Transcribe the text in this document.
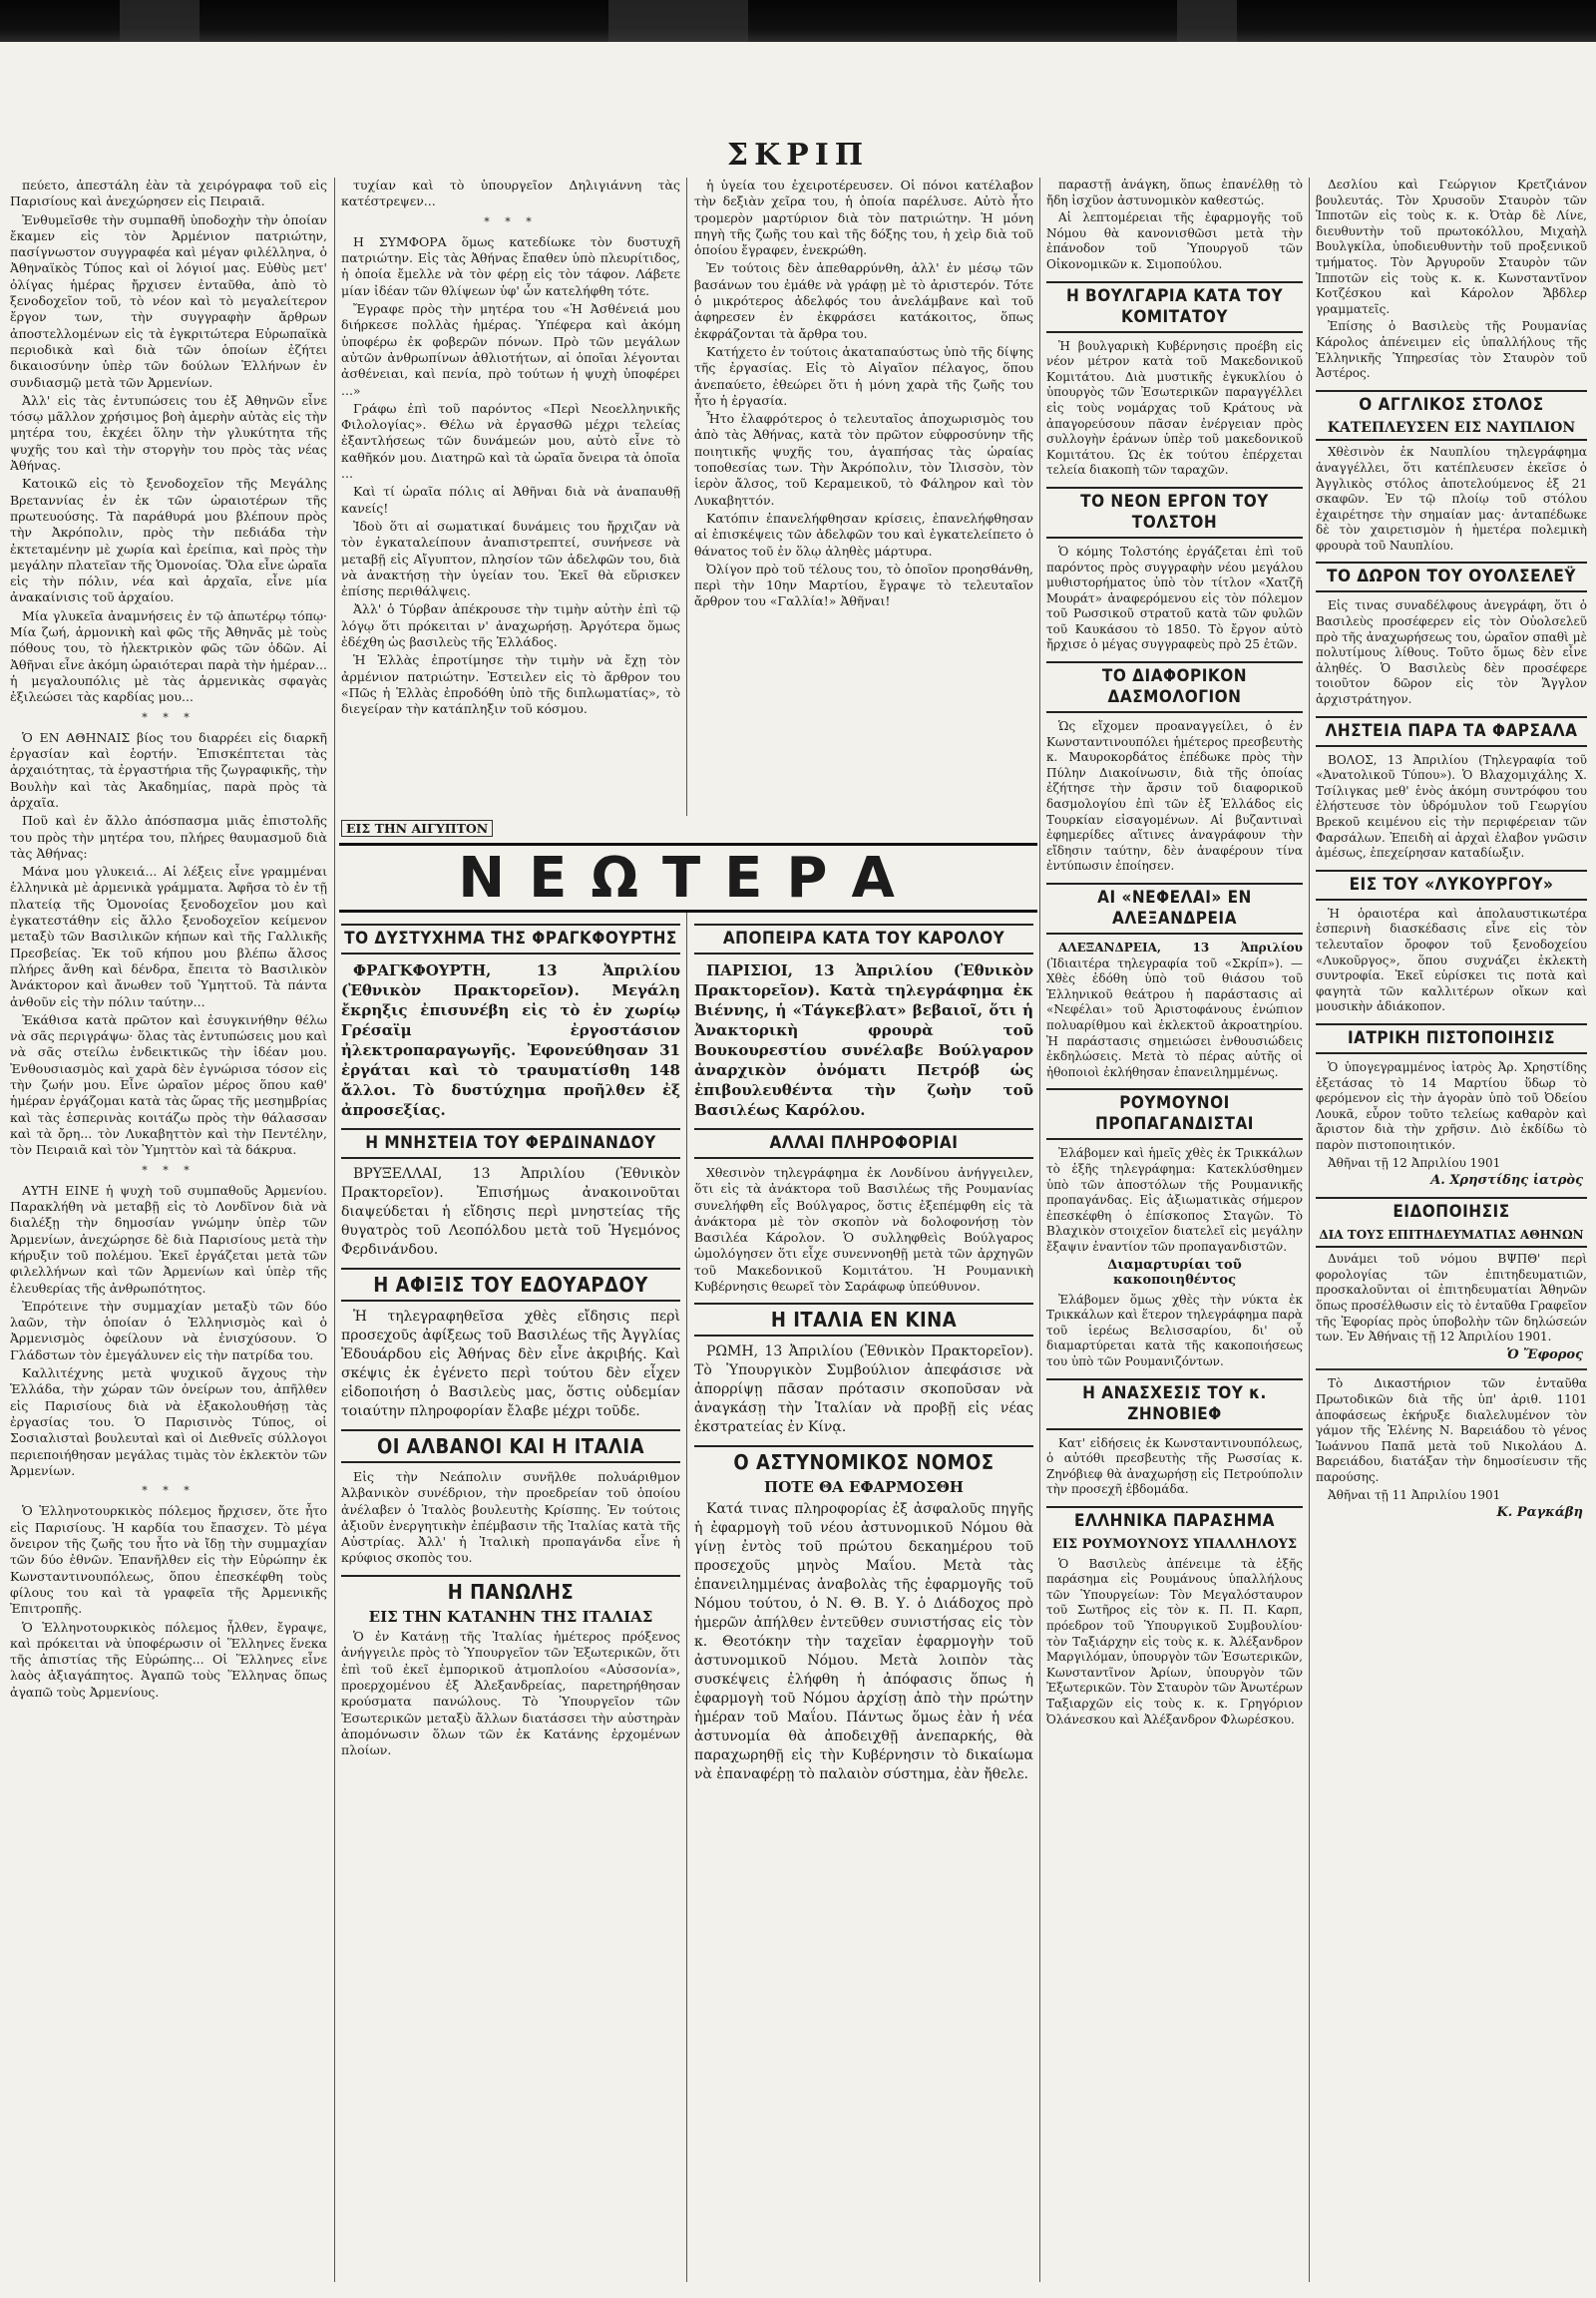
ΣΚΡΙΠ

πεύετο, ἀπεστάλη ἐὰν τὰ χειρόγραφα τοῦ εἰς Παρισίους καὶ ἀνεχώρησεν εἰς Πειραιᾶ.

Ἐνθυμεῖσθε τὴν συμπαθῆ ὑποδοχὴν τὴν ὁποίαν ἔκαμεν εἰς τὸν Ἀρμένιον πατριώτην, πασίγνωστον συγγραφέα καὶ μέγαν φιλέλληνα, ὁ Ἀθηναϊκὸς Τύπος καὶ οἱ λόγιοί μας. Εὐθὺς μετ' ὀλίγας ἡμέρας ἤρχισεν ἐνταῦθα, ἀπὸ τὸ ξενοδοχεῖον τοῦ, τὸ νέον καὶ τὸ μεγαλείτερον ἔργον των, τὴν συγγραφὴν ἄρθρων ἀποστελλομένων εἰς τὰ ἐγκριτώτερα Εὐρωπαϊκὰ περιοδικὰ καὶ διὰ τῶν ὁποίων ἐζήτει δικαιοσύνην ὑπὲρ τῶν δούλων Ἑλλήνων ἐν συνδιασμῷ μετὰ τῶν Ἀρμενίων.

Ἀλλ' εἰς τὰς ἐντυπώσεις του ἐξ Ἀθηνῶν εἶνε τόσῳ μᾶλλον χρήσιμος βοὴ ἀμερὴν αὐτὰς εἰς τὴν μητέρα του, ἐκχέει ὅλην τὴν γλυκύτητα τῆς ψυχῆς του καὶ τὴν στοργὴν του πρὸς τὰς νέας Ἀθήνας.

Κατοικῶ εἰς τὸ ξενοδοχεῖον τῆς Μεγάλης Βρεταννίας ἐν ἐκ τῶν ὡραιοτέρων τῆς πρωτευούσης. Τὰ παράθυρά μου βλέπουν πρὸς τὴν Ἀκρόπολιν, πρὸς τὴν πεδιάδα τὴν ἐκτεταμένην μὲ χωρία καὶ ἐρείπια, καὶ πρὸς τὴν μεγάλην πλατεῖαν τῆς Ὁμονοίας. Ὅλα εἶνε ὡραῖα εἰς τὴν πόλιν, νέα καὶ ἀρχαῖα, εἶνε μία ἀνακαίνισις τοῦ ἀρχαίου.

Μία γλυκεῖα ἀναμνήσεις ἐν τῷ ἀπωτέρῳ τόπῳ· Μία ζωή, ἀρμονικὴ καὶ φῶς τῆς Ἀθηνᾶς μὲ τοὺς πόθους του, τὸ ἡλεκτρικὸν φῶς τῶν ὁδῶν. Αἱ Ἀθῆναι εἶνε ἀκόμη ὡραιότεραι παρὰ τὴν ἡμέραν... ἡ μεγαλουπόλις μὲ τὰς ἀρμενικὰς σφαγὰς ἐξιλεώσει τὰς καρδίας μου...

* * *

Ὁ ΕΝ ΑΘΗΝΑΙΣ βίος του διαρρέει εἰς διαρκῆ ἐργασίαν καὶ ἑορτήν. Ἐπισκέπτεται τὰς ἀρχαιότητας, τὰ ἐργαστήρια τῆς ζωγραφικῆς, τὴν Βουλὴν καὶ τὰς Ἀκαδημίας, παρὰ πρὸς τὰ ἀρχαῖα.

Ποῦ καὶ ἐν ἄλλο ἀπόσπασμα μιᾶς ἐπιστολῆς του πρὸς τὴν μητέρα του, πλήρες θαυμασμοῦ διὰ τὰς Ἀθήνας:

Μάνα μου γλυκειά... Αἱ λέξεις εἶνε γραμμέναι ἑλληνικὰ μὲ ἀρμενικὰ γράμματα. Ἀφῆσα τὸ ἐν τῇ πλατείᾳ τῆς Ὁμονοίας ξενοδοχεῖον μου καὶ ἐγκατεστάθην εἰς ἄλλο ξενοδοχεῖον κείμενον μεταξὺ τῶν Βασιλικῶν κήπων καὶ τῆς Γαλλικῆς Πρεσβείας. Ἐκ τοῦ κήπου μου βλέπω ἄλσος πλήρες ἄνθη καὶ δένδρα, ἔπειτα τὸ Βασιλικὸν Ἀνάκτορον καὶ ἄνωθεν τοῦ Ὑμηττοῦ. Τὰ πάντα ἀνθοῦν εἰς τὴν πόλιν ταύτην...

Ἐκάθισα κατὰ πρῶτον καὶ ἐσυγκινήθην θέλω νὰ σᾶς περιγράψω· ὅλας τὰς ἐντυπώσεις μου καὶ νὰ σᾶς στείλω ἐνδεικτικῶς τὴν ἰδέαν μου. Ἐνθουσιασμὸς καὶ χαρὰ δὲν ἐγνώρισα τόσον εἰς τὴν ζωήν μου. Εἶνε ὡραῖον μέρος ὅπου καθ' ἡμέραν ἐργάζομαι κατὰ τὰς ὥρας τῆς μεσημβρίας καὶ τὰς ἑσπερινὰς κοιτάζω πρὸς τὴν θάλασσαν καὶ τὰ ὄρη... τὸν Λυκαβηττὸν καὶ τὴν Πεντέλην, τὸν Πειραιᾶ καὶ τὸν Ὑμηττὸν καὶ τὰ δάκρυα.

* * *

ΑΥΤΗ ΕΙΝΕ ἡ ψυχὴ τοῦ συμπαθοῦς Ἀρμενίου. Παρακλήθη νὰ μεταβῇ εἰς τὸ Λονδῖνον διὰ νὰ διαλέξῃ τὴν δημοσίαν γνώμην ὑπὲρ τῶν Ἀρμενίων, ἀνεχώρησε δὲ διὰ Παρισίους μετὰ τὴν κήρυξιν τοῦ πολέμου. Ἐκεῖ ἐργάζεται μετὰ τῶν φιλελλήνων καὶ τῶν Ἀρμενίων καὶ ὑπὲρ τῆς ἐλευθερίας τῆς ἀνθρωπότητος.

Ἐπρότεινε τὴν συμμαχίαν μεταξὺ τῶν δύο λαῶν, τὴν ὁποίαν ὁ Ἑλληνισμὸς καὶ ὁ Ἀρμενισμὸς ὀφείλουν νὰ ἐνισχύσουν. Ὁ Γλάδστων τὸν ἐμεγάλυνεν εἰς τὴν πατρίδα του.

Καλλιτέχνης μετὰ ψυχικοῦ ἄγχους τὴν Ἑλλάδα, τὴν χώραν τῶν ὀνείρων του, ἀπῆλθεν εἰς Παρισίους διὰ νὰ ἐξακολουθήσῃ τὰς ἐργασίας του. Ὁ Παρισινὸς Τύπος, οἱ Σοσιαλισταὶ βουλευταὶ καὶ οἱ Διεθνεῖς σύλλογοι περιεποιήθησαν μεγάλας τιμὰς τὸν ἐκλεκτὸν τῶν Ἀρμενίων.

* * *

Ὁ Ἑλληνοτουρκικὸς πόλεμος ἤρχισεν, ὅτε ἦτο εἰς Παρισίους. Ἡ καρδία του ἔπασχεν. Τὸ μέγα ὄνειρον τῆς ζωῆς του ἦτο νὰ ἴδῃ τὴν συμμαχίαν τῶν δύο ἐθνῶν. Ἐπανῆλθεν εἰς τὴν Εὐρώπην ἐκ Κωνσταντινουπόλεως, ὅπου ἐπεσκέφθη τοὺς φίλους του καὶ τὰ γραφεῖα τῆς Ἀρμενικῆς Ἐπιτροπῆς.

Ὁ Ἑλληνοτουρκικὸς πόλεμος ἦλθεν, ἔγραψε, καὶ πρόκειται νὰ ὑποφέρωσιν οἱ Ἕλληνες ἕνεκα τῆς ἀπιστίας τῆς Εὐρώπης... Οἱ Ἕλληνες εἶνε λαὸς ἀξιαγάπητος. Ἀγαπῶ τοὺς Ἕλληνας ὅπως ἀγαπῶ τοὺς Ἀρμενίους.

τυχίαν καὶ τὸ ὑπουργεῖον Δηλιγιάννη τὰς κατέστρεψεν...

* * *

Η ΣΥΜΦΟΡΑ ὅμως κατεδίωκε τὸν δυστυχῆ πατριώτην. Εἰς τὰς Ἀθήνας ἔπαθεν ὑπὸ πλευρίτιδος, ἡ ὁποία ἔμελλε νὰ τὸν φέρῃ εἰς τὸν τάφον. Λάβετε μίαν ἰδέαν τῶν θλίψεων ὑφ' ὧν κατελήφθη τότε.

Ἔγραφε πρὸς τὴν μητέρα του «Ἡ Ἀσθένειά μου διήρκεσε πολλὰς ἡμέρας. Ὑπέφερα καὶ ἀκόμη ὑποφέρω ἐκ φοβερῶν πόνων. Πρὸ τῶν μεγάλων αὐτῶν ἀνθρωπίνων ἀθλιοτήτων, αἱ ὁποῖαι λέγονται ἀσθένειαι, καὶ πενία, πρὸ τούτων ἡ ψυχὴ ὑποφέρει ...»

Γράφω ἐπὶ τοῦ παρόντος «Περὶ Νεοελληνικῆς Φιλολογίας». Θέλω νὰ ἐργασθῶ μέχρι τελείας ἐξαντλήσεως τῶν δυνάμεών μου, αὐτὸ εἶνε τὸ καθῆκόν μου. Διατηρῶ καὶ τὰ ὠραῖα ὄνειρα τὰ ὁποῖα ...

Καὶ τί ὡραῖα πόλις αἱ Ἀθῆναι διὰ νὰ ἀναπαυθῇ κανείς!

Ἰδοὺ ὅτι αἱ σωματικαί δυνάμεις του ἤρχιζαν νὰ τὸν ἐγκαταλείπουν ἀναπιστρεπτεί, συνήνεσε νὰ μεταβῇ εἰς Αἴγυπτον, πλησίον τῶν ἀδελφῶν του, διὰ νὰ ἀνακτήσῃ τὴν ὑγείαν του. Ἐκεῖ θὰ εὕρισκεν ἐπίσης περιθάλψεις.

Ἀλλ' ὁ Τύρβαν ἀπέκρουσε τὴν τιμὴν αὐτὴν ἐπὶ τῷ λόγῳ ὅτι πρόκειται ν' ἀναχωρήσῃ. Ἀργότερα ὅμως ἐδέχθη ὡς βασιλεὺς τῆς Ἑλλάδος.

Ἡ Ἑλλὰς ἐπροτίμησε τὴν τιμὴν νὰ ἔχῃ τὸν ἀρμένιον πατριώτην. Ἐστειλεν εἰς τὸ ἄρθρον του «Πῶς ἡ Ἑλλὰς ἐπροδόθη ὑπὸ τῆς διπλωματίας», τὸ διεγείραν τὴν κατάπληξιν τοῦ κόσμου.

ΕΙΣ ΤΗΝ ΑΙΓΥΠΤΟΝ

ἡ ὑγεία του ἐχειροτέρευσεν. Οἱ πόνοι κατέλαβον τὴν δεξιὰν χεῖρα του, ἡ ὁποία παρέλυσε. Αὐτὸ ἦτο τρομερὸν μαρτύριον διὰ τὸν πατριώτην. Ἡ μόνη πηγὴ τῆς ζωῆς του καὶ τῆς δόξης του, ἡ χεὶρ διὰ τοῦ ὁποίου ἔγραφεν, ἐνεκρώθη.

Ἐν τούτοις δὲν ἀπεθαρρύνθη, ἀλλ' ἐν μέσῳ τῶν βασάνων του ἐμάθε νὰ γράφῃ μὲ τὸ ἀριστερόν. Τότε ὁ μικρότερος ἀδελφός του ἀνελάμβανε καὶ τοῦ ἀφηρεσεν ἐν ἐκφράσει κατάκοιτος, ὅπως ἐκφράζονται τὰ ἄρθρα του.

Κατήχετο ἐν τούτοις ἀκαταπαύστως ὑπὸ τῆς δίψης τῆς ἐργασίας. Εἰς τὸ Αἰγαῖον πέλαγος, ὅπου ἀνεπαύετο, ἐθεώρει ὅτι ἡ μόνη χαρὰ τῆς ζωῆς του ἦτο ἡ ἐργασία.

Ἦτο ἐλαφρότερος ὁ τελευταῖος ἀποχωρισμὸς του ἀπὸ τὰς Ἀθήνας, κατὰ τὸν πρῶτον εὐφροσύνην τῆς ποιητικῆς ψυχῆς του, ἀγαπήσας τὰς ὡραίας τοποθεσίας των. Τὴν Ἀκρόπολιν, τὸν Ἰλισσὸν, τὸν ἱερὸν ἄλσος, τοῦ Κεραμεικοῦ, τὸ Φάληρον καὶ τὸν Λυκαβηττόν.

Κατόπιν ἐπανελήφθησαν κρίσεις, ἐπανελήφθησαν αἱ ἐπισκέψεις τῶν ἀδελφῶν του καὶ ἐγκατελείπετο ὁ θάνατος τοῦ ἐν ὅλῳ ἀληθὲς μάρτυρα.

Ὀλίγον πρὸ τοῦ τέλους του, τὸ ὁποῖον προησθάνθη, περὶ τὴν 10ην Μαρτίου, ἔγραψε τὸ τελευταῖον ἄρθρον του «Γαλλία!» Ἀθῆναι!

ΝΕΩΤΕΡΑ
ΤΟ ΔΥΣΤΥΧΗΜΑ ΤΗΣ ΦΡΑΓΚΦΟΥΡΤΗΣ

ΦΡΑΓΚΦΟΥΡΤΗ, 13 Ἀπριλίου (Ἐθνικὸν Πρακτορεῖον). Μεγάλη ἔκρηξις ἐπισυνέβη εἰς τὸ ἐν χωρίῳ Γρέσαϊμ ἐργοστάσιον ἠλεκτροπαραγωγῆς. Ἐφονεύθησαν 31 ἐργάται καὶ τὸ τραυματίσθη 148 ἄλλοι. Τὸ δυστύχημα προῆλθεν ἐξ ἀπροσεξίας.

Η ΜΝΗΣΤΕΙΑ ΤΟΥ ΦΕΡΔΙΝΑΝΔΟΥ

ΒΡΥΞΕΛΛΑΙ, 13 Ἀπριλίου (Ἐθνικὸν Πρακτορεῖον). Ἐπισήμως ἀνακοινοῦται διαψεύδεται ἡ εἴδησις περὶ μνηστείας τῆς θυγατρὸς τοῦ Λεοπόλδου μετὰ τοῦ Ἡγεμόνος Φερδινάνδου.

Η ΑΦΙΞΙΣ ΤΟΥ ΕΔΟΥΑΡΔΟΥ

Ἡ τηλεγραφηθεῖσα χθὲς εἴδησις περὶ προσεχοῦς ἀφίξεως τοῦ Βασιλέως τῆς Ἀγγλίας Ἐδουάρδου εἰς Ἀθήνας δὲν εἶνε ἀκριβής. Καὶ σκέψις ἐκ ἐγένετο περὶ τούτου δὲν εἶχεν εἰδοποιήση ὁ Βασιλεὺς μας, ὅστις οὐδεμίαν τοιαύτην πληροφορίαν ἔλαβε μέχρι τοῦδε.

ΟΙ ΑΛΒΑΝΟΙ ΚΑΙ Η ΙΤΑΛΙΑ

Εἰς τὴν Νεάπολιν συνῆλθε πολυάριθμον Ἀλβανικὸν συνέδριον, τὴν προεδρείαν τοῦ ὁποίου ἀνέλαβεν ὁ Ἰταλὸς βουλευτὴς Κρίσπης. Ἐν τούτοις ἀξιοῦν ἐνεργητικὴν ἐπέμβασιν τῆς Ἰταλίας κατὰ τῆς Αὐστρίας. Ἀλλ' ἡ Ἰταλικὴ προπαγάνδα εἶνε ἡ κρύφιος σκοπὸς του.

Η ΠΑΝΩΛΗΣ
ΕΙΣ ΤΗΝ ΚΑΤΑΝΗΝ ΤΗΣ ΙΤΑΛΙΑΣ

Ὁ ἐν Κατάνῃ τῆς Ἰταλίας ἡμέτερος πρόξενος ἀνήγγειλε πρὸς τὸ Ὑπουργεῖον τῶν Ἐξωτερικῶν, ὅτι ἐπὶ τοῦ ἐκεῖ ἐμπορικοῦ ἀτμοπλοίου «Αὐσσονία», προερχομένου ἐξ Ἀλεξανδρείας, παρετηρήθησαν κρούσματα πανώλους. Τὸ Ὑπουργεῖον τῶν Ἐσωτερικῶν μεταξὺ ἄλλων διατάσσει τὴν αὐστηρὰν ἀπομόνωσιν ὅλων τῶν ἐκ Κατάνης ἐρχομένων πλοίων.

ΑΠΟΠΕΙΡΑ ΚΑΤΑ ΤΟΥ ΚΑΡΟΛΟΥ

ΠΑΡΙΣΙΟΙ, 13 Ἀπριλίου (Ἐθνικὸν Πρακτορεῖον). Κατὰ τηλεγράφημα ἐκ Βιέννης, ἡ «Τάγκεβλατ» βεβαιοῖ, ὅτι ἡ Ἀνακτορικὴ φρουρὰ τοῦ Βουκουρεστίου συνέλαβε Βούλγαρον ἀναρχικὸν ὀνόματι Πετρόβ ὡς ἐπιβουλευθέντα τὴν ζωὴν τοῦ Βασιλέως Καρόλου.

ΑΛΛΑΙ ΠΛΗΡΟΦΟΡΙΑΙ

Χθεσινὸν τηλεγράφημα ἐκ Λονδίνου ἀνήγγειλεν, ὅτι εἰς τὰ ἀνάκτορα τοῦ Βασιλέως τῆς Ρουμανίας συνελήφθη εἷς Βούλγαρος, ὅστις ἐξεπέμφθη εἰς τὰ ἀνάκτορα μὲ τὸν σκοπὸν νὰ δολοφονήσῃ τὸν Βασιλέα Κάρολον. Ὁ συλληφθεὶς Βούλγαρος ὡμολόγησεν ὅτι εἶχε συνεννοηθῇ μετὰ τῶν ἀρχηγῶν τοῦ Μακεδονικοῦ Κομιτάτου. Ἡ Ρουμανικὴ Κυβέρνησις θεωρεῖ τὸν Σαράφωφ ὑπεύθυνον.

Η ΙΤΑΛΙΑ ΕΝ ΚΙΝΑ

ΡΩΜΗ, 13 Ἀπριλίου (Ἐθνικὸν Πρακτορεῖον). Τὸ Ὑπουργικὸν Συμβούλιον ἀπεφάσισε νὰ ἀπορρίψῃ πᾶσαν πρότασιν σκοποῦσαν νὰ ἀναγκάσῃ τὴν Ἰταλίαν νὰ προβῇ εἰς νέας ἐκστρατείας ἐν Κίνᾳ.

Ο ΑΣΤΥΝΟΜΙΚΟΣ ΝΟΜΟΣ
ΠΟΤΕ ΘΑ ΕΦΑΡΜΟΣΘΗ

Κατά τινας πληροφορίας ἐξ ἀσφαλοῦς πηγῆς ἡ ἐφαρμογὴ τοῦ νέου ἀστυνομικοῦ Νόμου θὰ γίνῃ ἐντὸς τοῦ πρώτου δεκαημέρου τοῦ προσεχοῦς μηνὸς Μαΐου. Μετὰ τὰς ἐπανειλημμένας ἀναβολὰς τῆς ἐφαρμογῆς τοῦ Νόμου τούτου, ὁ Ν. Θ. Β. Υ. ὁ Διάδοχος πρὸ ἡμερῶν ἀπήλθεν ἐντεῦθεν συνιστήσας εἰς τὸν κ. Θεοτόκην τὴν ταχεῖαν ἐφαρμογὴν τοῦ ἀστυνομικοῦ Νόμου. Μετὰ λοιπὸν τὰς συσκέψεις ἐλήφθη ἡ ἀπόφασις ὅπως ἡ ἐφαρμογὴ τοῦ Νόμου ἀρχίσῃ ἀπὸ τὴν πρώτην ἡμέραν τοῦ Μαΐου. Πάντως ὅμως ἐὰν ἡ νέα ἀστυνομία θὰ ἀποδειχθῇ ἀνεπαρκής, θὰ παραχωρηθῇ εἰς τὴν Κυβέρνησιν τὸ δικαίωμα νὰ ἐπαναφέρῃ τὸ παλαιὸν σύστημα, ἐὰν ἤθελε.

παραστῇ ἀνάγκη, ὅπως ἐπανέλθῃ τὸ ἤδη ἰσχῦον ἀστυνομικὸν καθεστώς.

Αἱ λεπτομέρειαι τῆς ἐφαρμογῆς τοῦ Νόμου θὰ κανονισθῶσι μετὰ τὴν ἐπάνοδον τοῦ Ὑπουργοῦ τῶν Οἰκονομικῶν κ. Σιμοπούλου.

Η ΒΟΥΛΓΑΡΙΑ ΚΑΤΑ ΤΟΥ ΚΟΜΙΤΑΤΟΥ

Ἡ βουλγαρικὴ Κυβέρνησις προέβη εἰς νέον μέτρον κατὰ τοῦ Μακεδονικοῦ Κομιτάτου. Διὰ μυστικῆς ἐγκυκλίου ὁ ὑπουργὸς τῶν Ἐσωτερικῶν παραγγέλλει εἰς τοὺς νομάρχας τοῦ Κράτους νὰ ἀπαγορεύσουν πᾶσαν ἐνέργειαν πρὸς συλλογὴν ἐράνων ὑπὲρ τοῦ μακεδονικοῦ Κομιτάτου. Ὡς ἐκ τούτου ἐπέρχεται τελεία διακοπὴ τῶν ταραχῶν.

ΤΟ ΝΕΟΝ ΕΡΓΟΝ ΤΟΥ ΤΟΛΣΤΟΗ

Ὁ κόμης Τολστόης ἐργάζεται ἐπὶ τοῦ παρόντος πρὸς συγγραφὴν νέου μεγάλου μυθιστορήματος ὑπὸ τὸν τίτλον «Χατζῆ Μουράτ» ἀναφερόμενου εἰς τὸν πόλεμον τοῦ Ρωσσικοῦ στρατοῦ κατὰ τῶν φυλῶν τοῦ Καυκάσου τὸ 1850. Τὸ ἔργον αὐτὸ ἤρχισε ὁ μέγας συγγραφεὺς πρὸ 25 ἐτῶν.

ΤΟ ΔΙΑΦΟΡΙΚΟΝ ΔΑΣΜΟΛΟΓΙΟΝ

Ὡς εἴχομεν προαναγγείλει, ὁ ἐν Κωνσταντινουπόλει ἡμέτερος πρεσβευτὴς κ. Μαυροκορδάτος ἐπέδωκε πρὸς τὴν Πύλην Διακοίνωσιν, διὰ τῆς ὁποίας ἐζήτησε τὴν ἄρσιν τοῦ διαφορικοῦ δασμολογίου ἐπὶ τῶν ἐξ Ἑλλάδος εἰς Τουρκίαν εἰσαγομένων. Αἱ βυζαντιναὶ ἐφημερίδες αἵτινες ἀναγράφουν τὴν εἴδησιν ταύτην, δὲν ἀναφέρουν τίνα ἐντύπωσιν ἐποίησεν.

ΑΙ «ΝΕΦΕΛΑΙ» ΕΝ ΑΛΕΞΑΝΔΡΕΙΑ

ΑΛΕΞΑΝΔΡΕΙΑ, 13 Ἀπριλίου (Ἰδιαιτέρα τηλεγραφία τοῦ «Σκρίπ»). — Χθὲς ἐδόθη ὑπὸ τοῦ θιάσου τοῦ Ἑλληνικοῦ θεάτρου ἡ παράστασις αἱ «Νεφέλαι» τοῦ Ἀριστοφάνους ἐνώπιον πολυαρίθμου καὶ ἐκλεκτοῦ ἀκροατηρίου. Ἡ παράστασις σημειώσει ἐνθουσιώδεις ἐκδηλώσεις. Μετὰ τὸ πέρας αὐτῆς οἱ ἠθοποιοὶ ἐκλήθησαν ἐπανειλημμένως.

ΡΟΥΜΟΥΝΟΙ ΠΡΟΠΑΓΑΝΔΙΣΤΑΙ

Ἐλάβομεν καὶ ἡμεῖς χθὲς ἐκ Τρικκάλων τὸ ἑξῆς τηλεγράφημα: Κατεκλύσθημεν ὑπὸ τῶν ἀποστόλων τῆς Ρουμανικῆς προπαγάνδας. Εἰς ἀξιωματικὰς σήμερον ἐπεσκέφθη ὁ ἐπίσκοπος Σταγῶν. Τὸ Βλαχικὸν στοιχεῖον διατελεῖ εἰς μεγάλην ἔξαψιν ἐναντίον τῶν προπαγανδιστῶν.

Διαμαρτυρίαι τοῦ κακοποιηθέντος

Ἐλάβομεν ὅμως χθὲς τὴν νύκτα ἐκ Τρικκάλων καὶ ἕτερον τηλεγράφημα παρὰ τοῦ ἱερέως Βελισσαρίου, δι' οὗ διαμαρτύρεται κατὰ τῆς κακοποιήσεως του ὑπὸ τῶν Ρουμανιζόντων.

Η ΑΝΑΣΧΕΣΙΣ ΤΟΥ κ. ΖΗΝΟΒΙΕΦ

Κατ' εἰδήσεις ἐκ Κωνσταντινουπόλεως, ὁ αὐτόθι πρεσβευτὴς τῆς Ρωσσίας κ. Ζηνόβιεφ θὰ ἀναχωρήσῃ εἰς Πετρούπολιν τὴν προσεχῆ ἑβδομάδα.

ΕΛΛΗΝΙΚΑ ΠΑΡΑΣΗΜΑ
ΕΙΣ ΡΟΥΜΟΥΝΟΥΣ ΥΠΑΛΛΗΛΟΥΣ

Ὁ Βασιλεὺς ἀπένειμε τὰ ἑξῆς παράσημα εἰς Ρουμάνους ὑπαλλήλους τῶν Ὑπουργείων: Τὸν Μεγαλόσταυρον τοῦ Σωτῆρος εἰς τὸν κ. Π. Π. Καρπ, πρόεδρον τοῦ Ὑπουργικοῦ Συμβουλίου· τὸν Ταξιάρχην εἰς τοὺς κ. κ. Ἀλέξανδρον Μαργιλόμαν, ὑπουργὸν τῶν Ἐσωτερικῶν, Κωνσταντῖνον Ἀρίων, ὑπουργὸν τῶν Ἐξωτερικῶν. Τὸν Σταυρὸν τῶν Ἀνωτέρων Ταξιαρχῶν εἰς τοὺς κ. κ. Γρηγόριον Ὀλάνεσκου καὶ Ἀλέξανδρον Φλωρέσκου.

Δεσλίου καὶ Γεώργιον Κρετζιάνον βουλευτάς. Τὸν Χρυσοῦν Σταυρὸν τῶν Ἱπποτῶν εἰς τοὺς κ. κ. Ὀτὰρ δὲ Λίνε, διευθυντὴν τοῦ πρωτοκόλλου, Μιχαὴλ Βουλγκίλα, ὑποδιευθυντὴν τοῦ προξενικοῦ τμήματος. Τὸν Ἀργυροῦν Σταυρὸν τῶν Ἱπποτῶν εἰς τοὺς κ. κ. Κωνσταντῖνον Κοτζέσκου καὶ Κάρολον Ἄβδλερ γραμματεῖς.

Ἐπίσης ὁ Βασιλεὺς τῆς Ρουμανίας Κάρολος ἀπένειμεν εἰς ὑπαλλήλους τῆς Ἑλληνικῆς Ὑπηρεσίας τὸν Σταυρὸν τοῦ Ἀστέρος.

Ο ΑΓΓΛΙΚΟΣ ΣΤΟΛΟΣ
ΚΑΤΕΠΛΕΥΣΕΝ ΕΙΣ ΝΑΥΠΛΙΟΝ

Χθὲσινὸν ἐκ Ναυπλίου τηλεγράφημα ἀναγγέλλει, ὅτι κατέπλευσεν ἐκεῖσε ὁ Ἀγγλικὸς στόλος ἀποτελούμενος ἐξ 21 σκαφῶν. Ἐν τῷ πλοίῳ τοῦ στόλου ἐχαιρέτησε τὴν σημαίαν μας· ἀνταπέδωκε δὲ τὸν χαιρετισμὸν ἡ ἡμετέρα πολεμικὴ φρουρὰ τοῦ Ναυπλίου.

ΤΟ ΔΩΡΟΝ ΤΟΥ ΟΥΟΛΣΕΛΕΫ

Εἰς τινας συναδέλφους ἀνεγράφη, ὅτι ὁ Βασιλεὺς προσέφερεν εἰς τὸν Οὐολσελεῦ πρὸ τῆς ἀναχωρήσεως του, ὡραῖον σπαθὶ μὲ πολυτίμους λίθους. Τοῦτο ὅμως δὲν εἶνε ἀληθές. Ὁ Βασιλεὺς δὲν προσέφερε τοιοῦτον δῶρον εἰς τὸν Ἄγγλον ἀρχιστράτηγον.

ΛΗΣΤΕΙΑ ΠΑΡΑ ΤΑ ΦΑΡΣΑΛΑ

ΒΟΛΟΣ, 13 Ἀπριλίου (Τηλεγραφία τοῦ «Ἀνατολικοῦ Τύπου»). Ὁ Βλαχομιχάλης Χ. Τσίλιγκας μεθ' ἑνὸς ἀκόμη συντρόφου του ἐλήστευσε τὸν ὑδρόμυλον τοῦ Γεωργίου Βρεκοῦ κειμένου εἰς τὴν περιφέρειαν τῶν Φαρσάλων. Ἐπειδὴ αἱ ἀρχαὶ ἐλαβον γνῶσιν ἀμέσως, ἐπεχείρησαν καταδίωξιν.

ΕΙΣ ΤΟΥ «ΛΥΚΟΥΡΓΟΥ»

Ἡ ὁραιοτέρα καὶ ἀπολαυστικωτέρα ἑσπερινὴ διασκέδασις εἶνε εἰς τὸν τελευταῖον ὄροφον τοῦ ξενοδοχείου «Λυκοῦργος», ὅπου συχνάζει ἐκλεκτὴ συντροφία. Ἐκεῖ εὑρίσκει τις ποτὰ καὶ φαγητὰ τῶν καλλιτέρων οἴκων καὶ μουσικὴν ἀδιάκοπον.

ΙΑΤΡΙΚΗ ΠΙΣΤΟΠΟΙΗΣΙΣ

Ὁ ὑπογεγραμμένος ἰατρὸς Ἀρ. Χρηστίδης ἐξετάσας τὸ 14 Μαρτίου ὕδωρ τὸ φερόμενον εἰς τὴν ἀγορὰν ὑπὸ τοῦ Ὀδείου Λουκᾶ, εὗρον τοῦτο τελείως καθαρὸν καὶ ἄριστον διὰ τὴν χρῆσιν. Διὸ ἐκδίδω τὸ παρὸν πιστοποιητικόν.

Ἀθῆναι τῇ 12 Ἀπριλίου 1901

Α. Χρηστίδης ἰατρὸς
ΕΙΔΟΠΟΙΗΣΙΣ
ΔΙΑ ΤΟΥΣ ΕΠΙΤΗΔΕΥΜΑΤΙΑΣ ΑΘΗΝΩΝ

Δυνάμει τοῦ νόμου ΒΨΠΘ' περὶ φορολογίας τῶν ἐπιτηδευματιῶν, προσκαλοῦνται οἱ ἐπιτηδευματίαι Ἀθηνῶν ὅπως προσέλθωσιν εἰς τὸ ἐνταῦθα Γραφεῖον τῆς Ἐφορίας πρὸς ὑποβολὴν τῶν δηλώσεών των. Ἐν Ἀθήναις τῇ 12 Ἀπριλίου 1901.

Ὁ Ἔφορος

Τὸ Δικαστήριον τῶν ἐνταῦθα Πρωτοδικῶν διὰ τῆς ὑπ' ἀριθ. 1101 ἀποφάσεως ἐκήρυξε διαλελυμένον τὸν γάμον τῆς Ἑλένης Ν. Βαρειάδου τὸ γένος Ἰωάννου Παπᾶ μετὰ τοῦ Νικολάου Δ. Βαρειάδου, διατάξαν τὴν δημοσίευσιν τῆς παρούσης.

Ἀθῆναι τῇ 11 Ἀπριλίου 1901

Κ. Ραγκάβη
